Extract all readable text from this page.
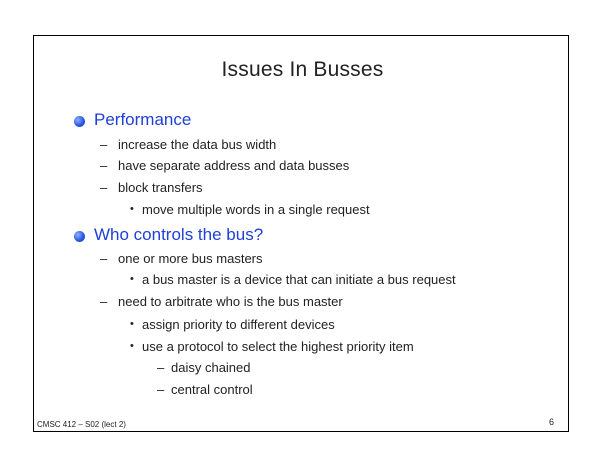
Issues In Busses
Performance
– increase the data bus width
– have separate address and data busses
– block transfers
• move multiple words in a single request
Who controls the bus?
– one or more bus masters
• a bus master is a device that can initiate a bus request
– need to arbitrate who is the bus master
• assign priority to different devices
• use a protocol to select the highest priority item
– daisy chained
– central control
CMSC 412 – S02 (lect 2)	6
